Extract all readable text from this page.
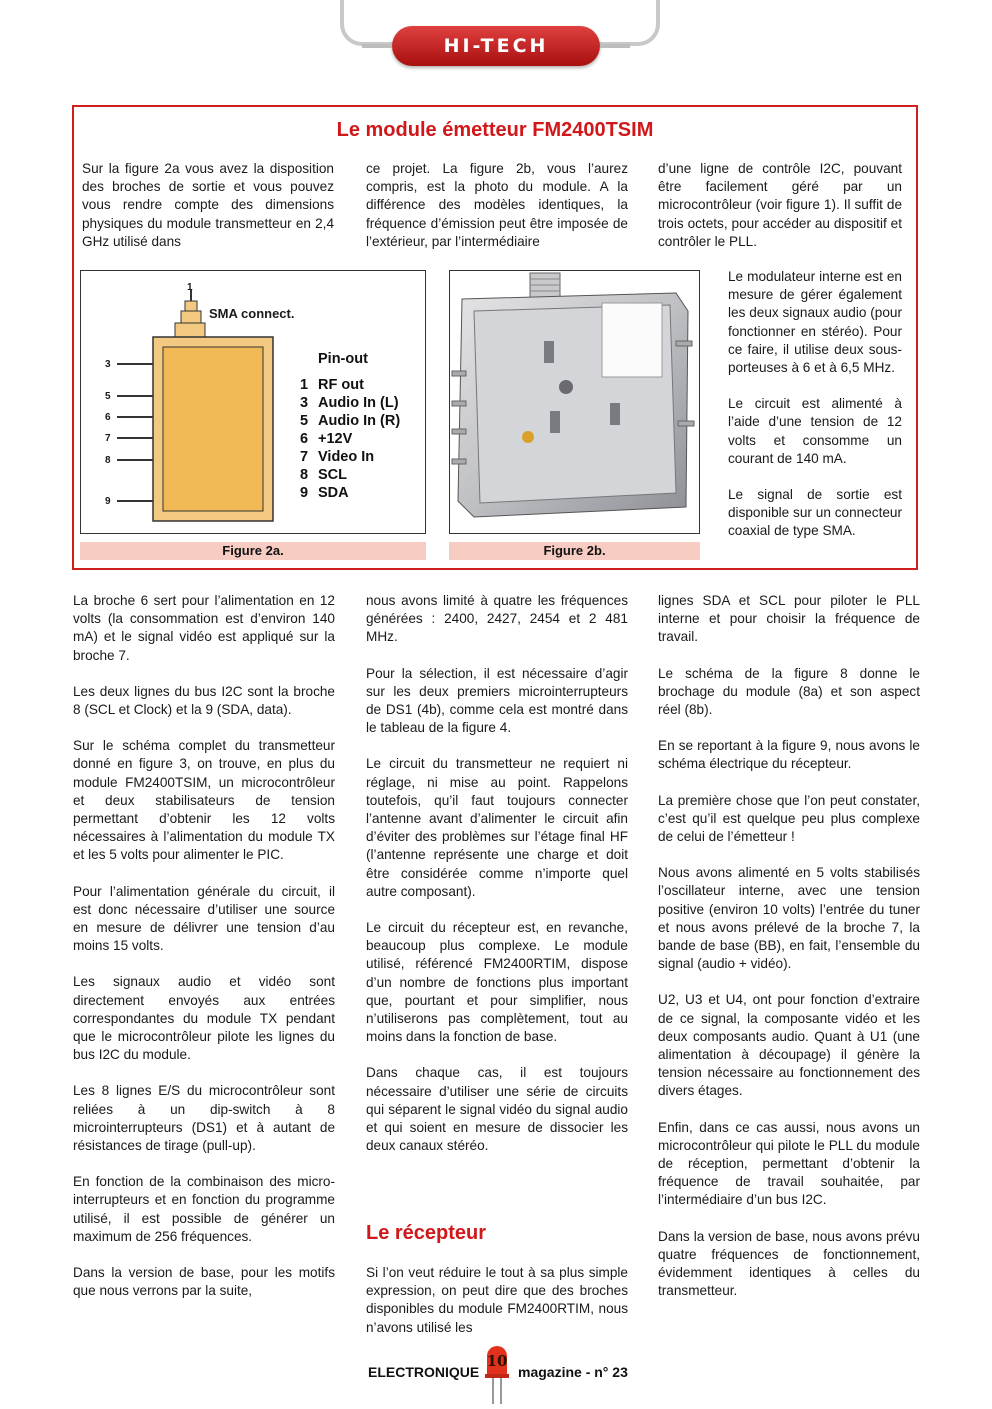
HI-TECH
Le module émetteur FM2400TSIM

Sur la figure 2a vous avez la disposition des broches de sortie et vous pouvez vous rendre compte des dimensions physiques du module transmetteur en 2,4 GHz utilisé dans

ce projet. La figure 2b, vous l’aurez compris, est la photo du module. A la différence des modèles identiques, la fréquence d’émission peut être imposée de l’extérieur, par l’intermédiaire

d’une ligne de contrôle I2C, pouvant être facilement géré par un microcontrôleur (voir figure 1). Il suffit de trois octets, pour accéder au dispositif et contrôler le PLL.

Le modulateur interne est en mesure de gérer également les deux signaux audio (pour fonctionner en stéréo). Pour ce faire, il utilise deux sous-porteuses à 6 et à 6,5 MHz.

Le circuit est alimenté à l’aide d’une tension de 12 volts et consomme un courant de 140 mA.

Le signal de sortie est disponible sur un connecteur coaxial de type SMA.

1
SMA connect.
3
5
6
7
8
9
Pin-out
1 RF out
3 Audio In (L)
5 Audio In (R)
6 +12V
7 Video In
8 SCL
9 SDA
Figure 2a.	Figure 2b.

La broche 6 sert pour l’alimentation en 12 volts (la consommation est d’environ 140 mA) et le signal vidéo est appliqué sur la broche 7.

Les deux lignes du bus I2C sont la broche 8 (SCL et Clock) et la 9 (SDA, data).

Sur le schéma complet du transmetteur donné en figure 3, on trouve, en plus du module FM2400TSIM, un microcontrôleur et deux stabilisateurs de tension permettant d’obtenir les 12 volts nécessaires à l’alimentation du module TX et les 5 volts pour alimenter le PIC.

Pour l’alimentation générale du circuit, il est donc nécessaire d’utiliser une source en mesure de délivrer une tension d’au moins 15 volts.

Les signaux audio et vidéo sont directement envoyés aux entrées correspondantes du module TX pendant que le microcontrôleur pilote les lignes du bus I2C du module.

Les 8 lignes E/S du microcontrôleur sont reliées à un dip-switch à 8 microinterrupteurs (DS1) et à autant de résistances de tirage (pull-up).

En fonction de la combinaison des micro-interrupteurs et en fonction du programme utilisé, il est possible de générer un maximum de 256 fréquences.

Dans la version de base, pour les motifs que nous verrons par la suite,

nous avons limité à quatre les fréquences générées : 2400, 2427, 2454 et 2 481 MHz.

Pour la sélection, il est nécessaire d’agir sur les deux premiers microinterrupteurs de DS1 (4b), comme cela est montré dans le tableau de la figure 4.

Le circuit du transmetteur ne requiert ni réglage, ni mise au point. Rappelons toutefois, qu’il faut toujours connecter l’antenne avant d’alimenter le circuit afin d’éviter des problèmes sur l’étage final HF (l’antenne représente une charge et doit être considérée comme n’importe quel autre composant).

Le circuit du récepteur est, en revanche, beaucoup plus complexe. Le module utilisé, référencé FM2400RTIM, dispose d’un nombre de fonctions plus important que, pourtant et pour simplifier, nous n’utiliserons pas complètement, tout au moins dans la fonction de base.

Dans chaque cas, il est toujours nécessaire d’utiliser une série de circuits qui séparent le signal vidéo du signal audio et qui soient en mesure de dissocier les deux canaux stéréo.

Le récepteur

Si l’on veut réduire le tout à sa plus simple expression, on peut dire que des broches disponibles du module FM2400RTIM, nous n’avons utilisé les

lignes SDA et SCL pour piloter le PLL interne et pour choisir la fréquence de travail.

Le schéma de la figure 8 donne le brochage du module (8a) et son aspect réel (8b).

En se reportant à la figure 9, nous avons le schéma électrique du récepteur.

La première chose que l’on peut constater, c’est qu’il est quelque peu plus complexe de celui de l’émetteur !

Nous avons alimenté en 5 volts stabilisés l’oscillateur interne, avec une tension positive (environ 10 volts) l’entrée du tuner et nous avons prélevé de la broche 7, la bande de base (BB), en fait, l’ensemble du signal (audio + vidéo).

U2, U3 et U4, ont pour fonction d’extraire de ce signal, la composante vidéo et les deux composants audio. Quant à U1 (une alimentation à découpage) il génère la tension nécessaire au fonctionnement des divers étages.

Enfin, dans ce cas aussi, nous avons un microcontrôleur qui pilote le PLL du module de réception, permettant d’obtenir la fréquence de travail souhaitée, par l’intermédiaire d’un bus I2C.

Dans la version de base, nous avons prévu quatre fréquences de fonctionnement, évidemment identiques à celles du transmetteur.

ELECTRONIQUE	magazine - n° 23
10
